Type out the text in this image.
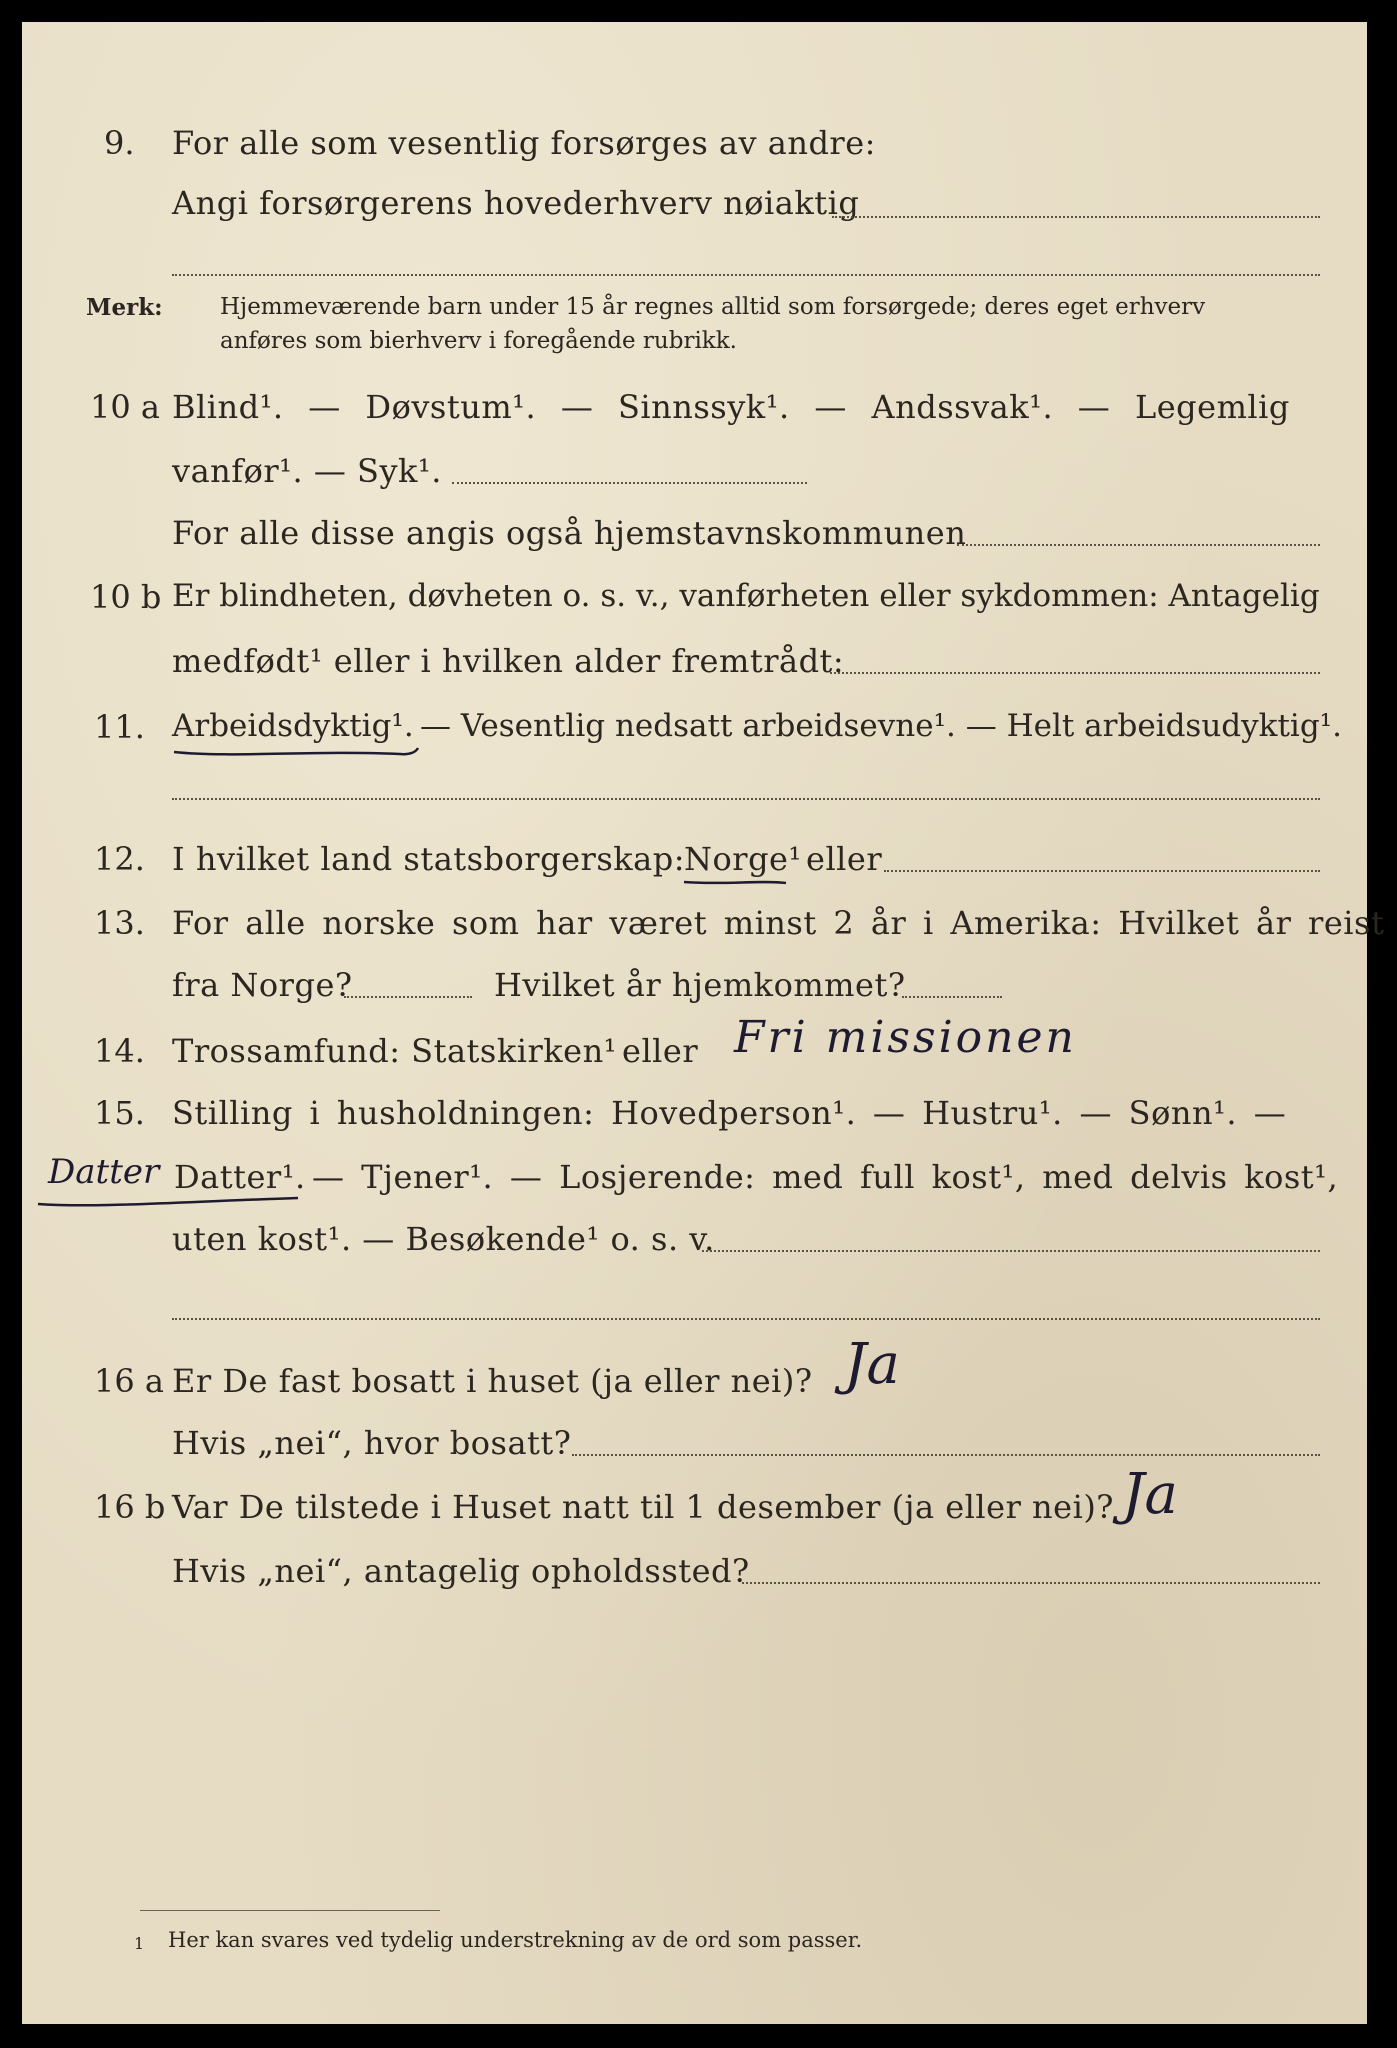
9. For alle som vesentlig forsørges av andre:
Angi forsørgerens hovederhverv nøiaktig
Merk: Hjemmeværende barn under 15 år regnes alltid som forsørgede; deres eget erhverv
anføres som bierhverv i foregående rubrikk.
10 a Blind¹. — Døvstum¹. — Sinnssyk¹. — Andssvak¹. — Legemlig
vanfør¹. — Syk¹.
For alle disse angis også hjemstavnskommunen
10 b Er blindheten, døvheten o. s. v., vanførheten eller sykdommen: Antagelig
medfødt¹ eller i hvilken alder fremtrådt:
11. Arbeidsdyktig¹. — Vesentlig nedsatt arbeidsevne¹. — Helt arbeidsudyktig¹.
12. I hvilket land statsborgerskap: Norge¹ eller
13. For alle norske som har været minst 2 år i Amerika: Hvilket år reist
fra Norge?	Hvilket år hjemkommet?
14. Trossamfund: Statskirken¹ eller Fri missionen
15. Stilling i husholdningen: Hovedperson¹. — Hustru¹. — Sønn¹. —
Datter Datter¹. — Tjener¹. — Losjerende: med full kost¹, med delvis kost¹,
uten kost¹. — Besøkende¹ o. s. v.
16 a Er De fast bosatt i huset (ja eller nei)? Ja
Hvis „nei“, hvor bosatt?
16 b Var De tilstede i Huset natt til 1 desember (ja eller nei)? Ja
Hvis „nei“, antagelig opholdssted?
1 Her kan svares ved tydelig understrekning av de ord som passer.
